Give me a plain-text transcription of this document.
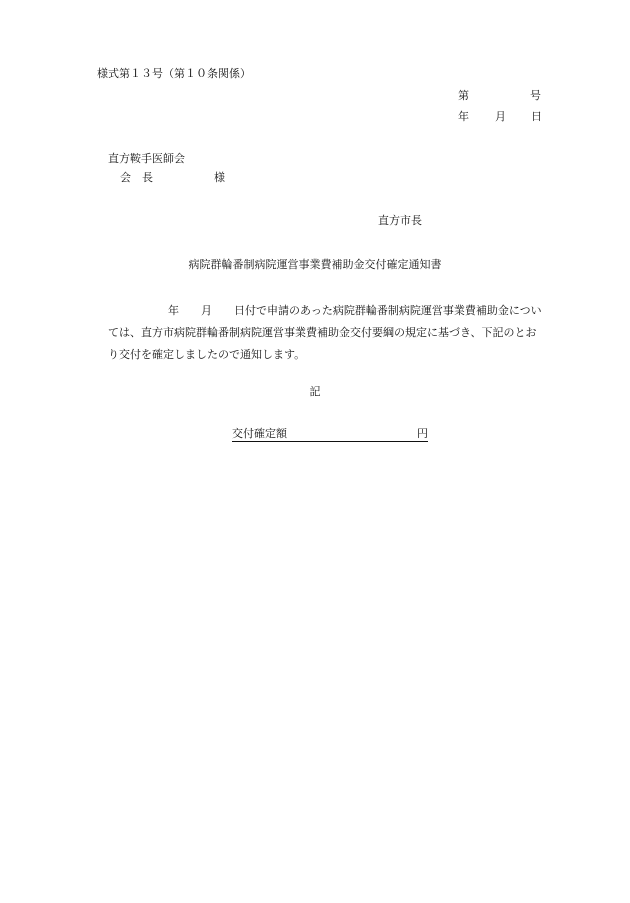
様式第１３号（第１０条関係）
第	号
年 月 日
直方鞍手医師会
会　長	様
直方市長
病院群輪番制病院運営事業費補助金交付確定通知書
年 月 日付で申請のあった病院群輪番制病院運営事業費補助金につい
ては、直方市病院群輪番制病院運営事業費補助金交付要綱の規定に基づき、下記のとお
り交付を確定しましたので通知します。
記
交付確定額	円
